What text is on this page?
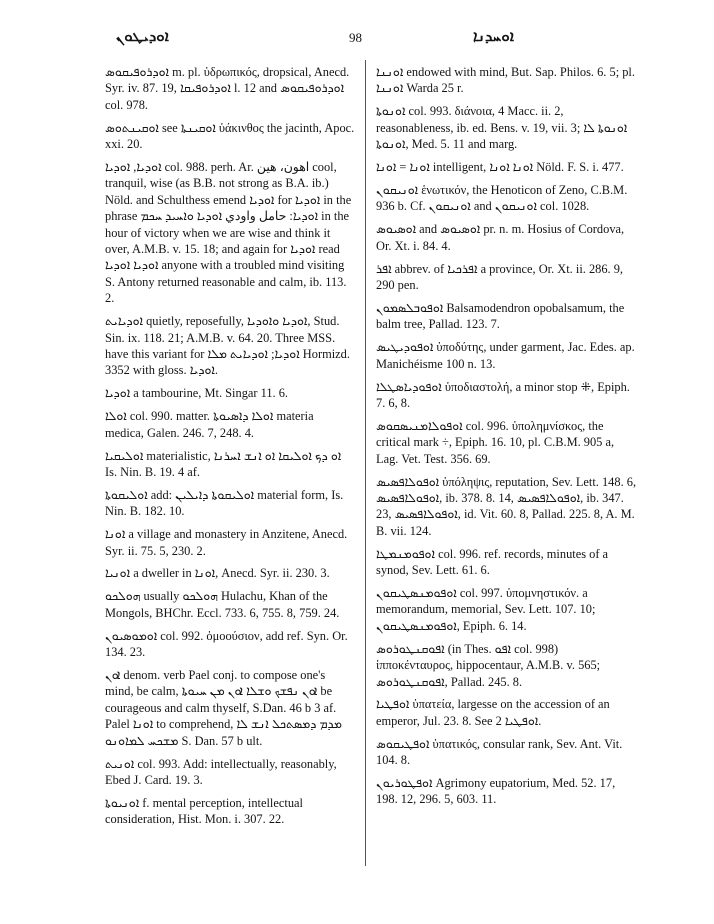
ܐܘܕܝܛܘܢ	98	ܐܘܚܕܢܐ
ܐܘܕܪܘܦܝܩܘܣ m. pl. ὑδρωπικός, dropsical, Anecd. Syr. iv. 87. 19, ܐܘܕܪܘܦܝܩܐ l. 12 and ܐܘܕܪܘܦܝܩܘܣ col. 978.
ܐܘܩܝܢܬܘܣ see ܐܘܩܝܢܬܐ ὑάκινθος the jacinth, Apoc. xxi. 20.
ܐܘܕܝܐ, ܐܘܕܝܐ col. 988. perh. Ar. اهون، هين cool, tranquil, wise (as B.B. not strong as B.A. ib.) Nöld. and Schulthess emend ܐܘܕܝܐ for ܐܘܕܝܐ in the phrase ܐܘܕܝܐ: حامل واودي ܐܘܕܝܐ ܘܐܚܝܕ ܚܟܡ in the hour of victory when we are wise and think it over, A.M.B. v. 15. 18; and again for ܐܘܕܝܐ read ܐܘܕܝܐ ܐܘܕܝܐ anyone with a troubled mind visiting S. Antony returned reasonable and calm, ib. 113. 2.
ܐܘܕܝܐܝܬ quietly, reposefully, ܐܘܕܝܐ ܘܐܘܕܝܐ, Stud. Sin. ix. 118. 21; A.M.B. v. 64. 20. Three MSS. have this variant for ܐܘܕܝܐ; ܐܘܕܝܐܝܬ ܡܠܐ Hormizd. 3352 with gloss. ܐܘܕܝܐ.
ܐܘܕܝܐ a tambourine, Mt. Singar 11. 6.
ܐܘܠܐ col. 990. matter. ܐܘܠܐ ܕܐܣܝܘܬܐ materia medica, Galen. 246. 7, 248. 4.
ܐܘܠܝܩܝܐ materialistic, ܐܘ ܕܟ ܐܘܠܝܩܐ ܐܘ ܐܢܫ ܐܚܪܢܐ Is. Nin. B. 19. 4 af.
ܐܘܠܝܩܘܬܐ add: ܐܘܠܝܩܘܬܐ ܕܐܝܠܝܢ material form, Is. Nin. B. 182. 10.
ܐܘܢܐ a village and monastery in Anzitene, Anecd. Syr. ii. 75. 5, 230. 2.
ܐܘܢܝܐ a dweller in ܐܘܢܐ, Anecd. Syr. ii. 230. 3.
ܗܘܠܟܘ usually ܗܘܠܟܘ Hulachu, Khan of the Mongols, BHChr. Eccl. 733. 6, 755. 8, 759. 24.
ܐܘܡܘܣܝܘܢ col. 992. ὁμοούσιον, add ref. Syn. Or. 134. 23.
ܐܘܢ denom. verb Pael conj. to compose one's mind, be calm, ܐܘܢ ܢܦܫܟ ܘܫܠܐ ܐܘܢ ܡܢ ܚܝܘܬܐ be courageous and calm thyself, S.Dan. 46 b 3 af. Palel ܐܘܢܐ to comprehend, ܡܕܡ ܕܡܣܬܟܠ ܐܢܫ ܠܐ ܡܫܟܚ ܠܡܐܘܢܘ S. Dan. 57 b ult.
ܐܘܢܝܬ col. 993. Add: intellectually, reasonably, Ebed J. Card. 19. 3.
ܐܘܢܝܘܬܐ f. mental perception, intellectual consideration, Hist. Mon. i. 307. 22.
ܐܘܢܢܐ endowed with mind, But. Sap. Philos. 6. 5; pl. ܐܘܢܢܐ Warda 25 r.
ܐܘܢܘܬܐ col. 993. διάνοια, 4 Macc. ii. 2, reasonableness, ib. ed. Bens. v. 19, vii. 3; ܐܘܢܘܬܐ ܠܐ ܐܘܢܘܬܐ, Med. 5. 11 and marg.
ܐܘܢܐ = ܐܘܢܐ intelligent, ܐܘܢܐ ܐܘܢܐ Nöld. F. S. i. 477.
ܐܘܢܝܩܘܢ ἑνωτικόν, the Henoticon of Zeno, C.B.M. 936 b. Cf. ܐܘܢܝܩܘܢ and ܐܘܢܝܩܘܢ col. 1028.
ܐܘܣܝܘܣ and ܐܘܣܝܘܣ pr. n. m. Hosius of Cordova, Or. Xt. i. 84. 4.
ܐܦܪ abbrev. of ܐܦܪܟܝܐ a province, Or. Xt. ii. 286. 9, 290 pen.
ܐܘܦܘܒܠܣܡܘܢ Balsamodendron opobalsamum, the balm tree, Pallad. 123. 7.
ܐܘܦܘܕܝܛܝܣ ὑποδύτης, under garment, Jac. Edes. ap. Manichéisme 100 n. 13.
ܐܘܦܘܕܝܐܣܛܠܐ ὑποδιαστολή, a minor stop ⁜, Epiph. 7. 6, 8.
ܐܘܦܘܠܐܡܢܝܣܩܘܣ col. 996. ὑπολημνίσκος, the critical mark ÷, Epiph. 16. 10, pl. C.B.M. 905 a, Lag. Vet. Test. 356. 69.
ܐܘܦܘܠܐܦܣܝܣ ὑπόληψις, reputation, Sev. Lett. 148. 6, ܐܘܦܘܠܐܦܣܝܣ, ib. 378. 8. 14, ܐܘܦܘܠܐܦܣܝܣ, ib. 347. 23, ܐܘܦܘܠܐܦܣܝܣ, id. Vit. 60. 8, Pallad. 225. 8, A. M. B. vii. 124.
ܐܘܦܘܡܢܡܛܐ col. 996. ref. records, minutes of a synod, Sev. Lett. 61. 6.
ܐܘܦܘܡܢܣܛܝܩܘܢ col. 997. ὑπομνηστικόν. a memorandum, memorial, Sev. Lett. 107. 10; ܐܘܦܘܡܢܣܛܝܩܘܢ, Epiph. 6. 14.
ܐܦܘܩܢܛܘܪܘܣ (in Thes. ܐܦܘ col. 998) ἱπποκένταυρος, hippocentaur, A.M.B. v. 565; ܐܦܘܩܢܛܘܪܘܣ, Pallad. 245. 8.
ܐܘܦܛܝܐ ὑπατεία, largesse on the accession of an emperor, Jul. 23. 8. See ܐܘܦܛܝܐ 2.
ܐܘܦܛܝܩܘܣ ὑπατικός, consular rank, Sev. Ant. Vit. 104. 8.
ܐܘܦܛܘܪܝܘܢ Agrimony eupatorium, Med. 52. 17, 198. 12, 296. 5, 603. 11.
